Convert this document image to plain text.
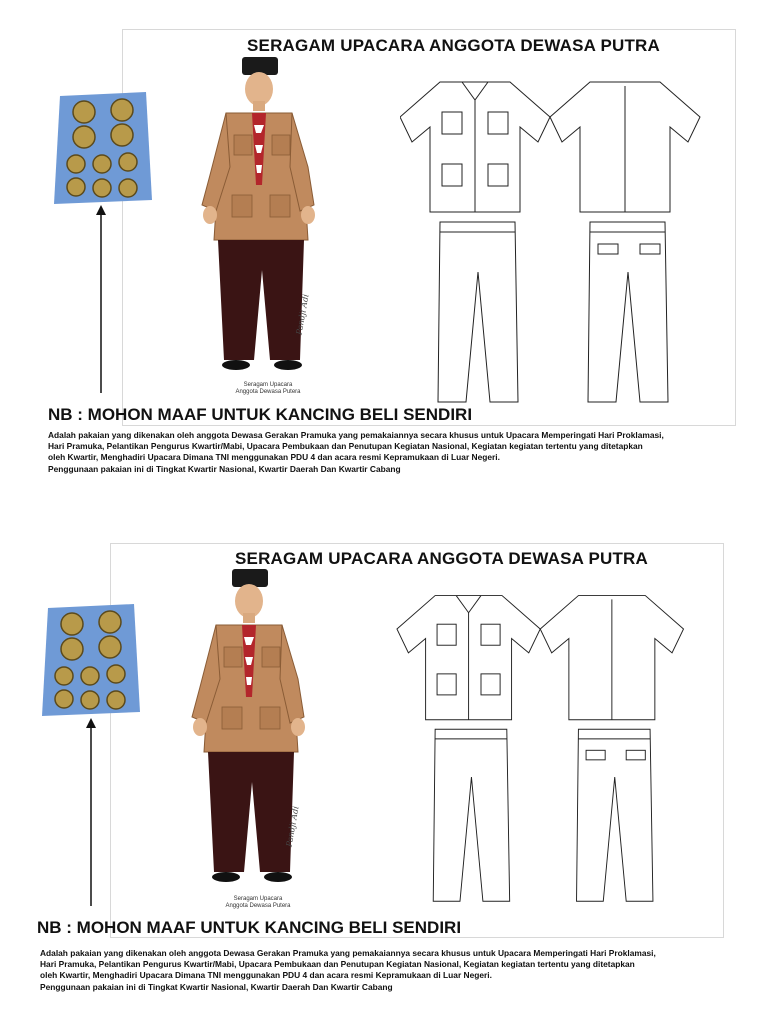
SERAGAM UPACARA ANGGOTA DEWASA PUTRA
Pandji Adi
Seragam Upacara
Anggota Dewasa Putera
NB : MOHON MAAF UNTUK KANCING BELI SENDIRI

Adalah pakaian yang dikenakan oleh anggota Dewasa Gerakan Pramuka yang pemakaiannya secara khusus untuk Upacara Memperingati Hari Proklamasi,

Hari Pramuka, Pelantikan Pengurus Kwartir/Mabi, Upacara Pembukaan dan Penutupan Kegiatan Nasional, Kegiatan kegiatan tertentu yang ditetapkan

oleh Kwartir, Menghadiri Upacara Dimana TNI menggunakan PDU 4 dan acara resmi Kepramukaan di Luar Negeri.

Penggunaan pakaian ini di Tingkat Kwartir Nasional, Kwartir Daerah Dan Kwartir Cabang

SERAGAM UPACARA ANGGOTA DEWASA PUTRA
Pandji Adi
Seragam Upacara
Anggota Dewasa Putera
NB : MOHON MAAF UNTUK KANCING BELI SENDIRI

Adalah pakaian yang dikenakan oleh anggota Dewasa Gerakan Pramuka yang pemakaiannya secara khusus untuk Upacara Memperingati Hari Proklamasi,

Hari Pramuka, Pelantikan Pengurus Kwartir/Mabi, Upacara Pembukaan dan Penutupan Kegiatan Nasional, Kegiatan kegiatan tertentu yang ditetapkan

oleh Kwartir, Menghadiri Upacara Dimana TNI menggunakan PDU 4 dan acara resmi Kepramukaan di Luar Negeri.

Penggunaan pakaian ini di Tingkat Kwartir Nasional, Kwartir Daerah Dan Kwartir Cabang
